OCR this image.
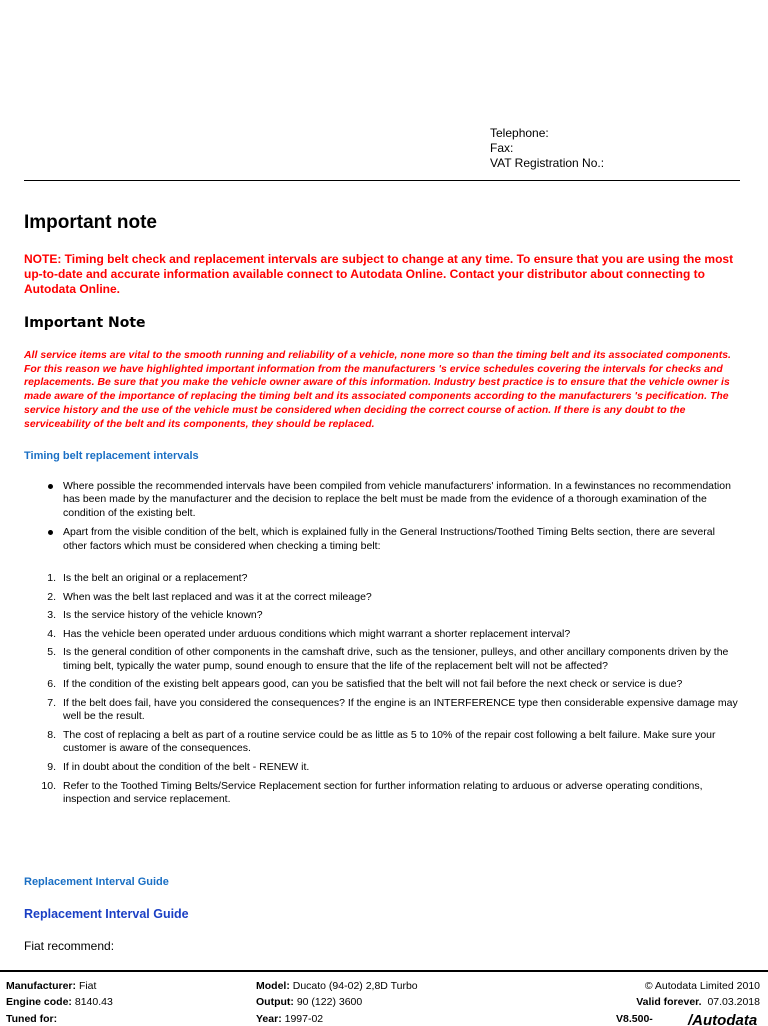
Telephone:
Fax:
VAT Registration No.:
Important note

NOTE: Timing belt check and replacement intervals are subject to change at any time. To ensure that you are using the most up-to-date and accurate information available connect to Autodata Online. Contact your distributor about connecting to Autodata Online.

Important Note

All service items are vital to the smooth running and reliability of a vehicle, none more so than the timing belt and its associated components. For this reason we have highlighted important information from the manufacturers 's ervice schedules covering the intervals for checks and replacements. Be sure that you make the vehicle owner aware of this information. Industry best practice is to ensure that the vehicle owner is made aware of the importance of replacing the timing belt and its associated components according to the manufacturers 's pecification. The service history and the use of the vehicle must be considered when deciding the correct course of action. If there is any doubt to the serviceability of the belt and its components, they should be replaced.

Timing belt replacement intervals
Where possible the recommended intervals have been compiled from vehicle manufacturers' information. In a fewinstances no recommendation has been made by the manufacturer and the decision to replace the belt must be made from the evidence of a thorough examination of the condition of the existing belt.
Apart from the visible condition of the belt, which is explained fully in the General Instructions/Toothed Timing Belts section, there are several other factors which must be considered when checking a timing belt:
1. Is the belt an original or a replacement?
2. When was the belt last replaced and was it at the correct mileage?
3. Is the service history of the vehicle known?
4. Has the vehicle been operated under arduous conditions which might warrant a shorter replacement interval?
5. Is the general condition of other components in the camshaft drive, such as the tensioner, pulleys, and other ancillary components driven by the timing belt, typically the water pump, sound enough to ensure that the life of the replacement belt will not be affected?
6. If the condition of the existing belt appears good, can you be satisfied that the belt will not fail before the next check or service is due?
7. If the belt does fail, have you considered the consequences? If the engine is an INTERFERENCE type then considerable expensive damage may well be the result.
8. The cost of replacing a belt as part of a routine service could be as little as 5 to 10% of the repair cost following a belt failure. Make sure your customer is aware of the consequences.
9. If in doubt about the condition of the belt - RENEW it.
10. Refer to the Toothed Timing Belts/Service Replacement section for further information relating to arduous or adverse operating conditions, inspection and service replacement.
Replacement Interval Guide
Replacement Interval Guide

Fiat recommend:

Manufacturer: Fiat	Model: Ducato (94-02) 2,8D Turbo	© Autodata Limited 2010
Engine code: 8140.43	Output: 90 (122) 3600	Valid forever. 07.03.2018
Tuned for:	Year: 1997-02	V8.500- /Autodata
